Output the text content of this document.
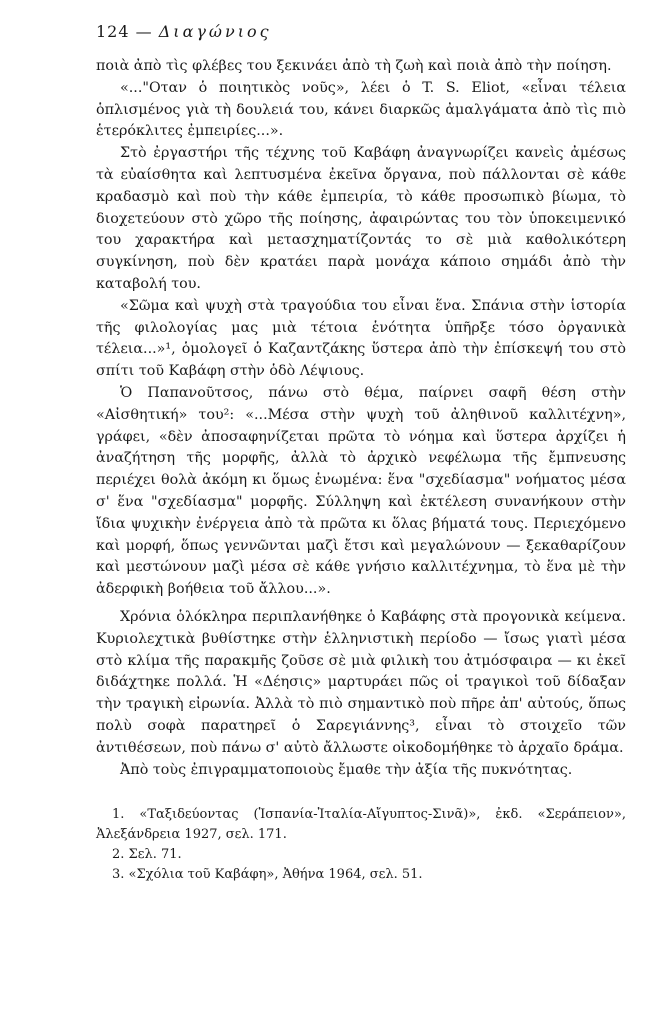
124 — Διαγώνιος

ποιὰ ἀπὸ τὶς φλέβες του ξεκινάει ἀπὸ τὴ ζωὴ καὶ ποιὰ ἀπὸ τὴν ποίηση.

«..."Οταν ὁ ποιητικὸς νοῦς», λέει ὁ T. S. Eliot, «εἶναι τέλεια ὁπλισμένος γιὰ τὴ δουλειά του, κάνει διαρκῶς ἀμαλγάματα ἀπὸ τὶς πιὸ ἑτερόκλιτες ἐμπειρίες...».

Στὸ ἐργαστήρι τῆς τέχνης τοῦ Καβάφη ἀναγνωρίζει κανεὶς ἀμέσως τὰ εὐαίσθητα καὶ λεπτυσμένα ἐκεῖνα ὄργανα, ποὺ πάλλονται σὲ κάθε κραδασμὸ καὶ ποὺ τὴν κάθε ἐμπειρία, τὸ κάθε προσωπικὸ βίωμα, τὸ διοχετεύουν στὸ χῶρο τῆς ποίησης, ἀφαιρώντας του τὸν ὑποκειμενικό του χαρακτήρα καὶ μετασχηματίζοντάς το σὲ μιὰ καθολικότερη συγκίνηση, ποὺ δὲν κρατάει παρὰ μονάχα κάποιο σημάδι ἀπὸ τὴν καταβολή του.

«Σῶμα καὶ ψυχὴ στὰ τραγούδια του εἶναι ἕνα. Σπάνια στὴν ἱστορία τῆς φιλολογίας μας μιὰ τέτοια ἑνότητα ὑπῆρξε τόσο ὀργανικὰ τέλεια...»¹, ὁμολογεῖ ὁ Καζαντζάκης ὕστερα ἀπὸ τὴν ἐπίσκεψή του στὸ σπίτι τοῦ Καβάφη στὴν ὁδὸ Λέψιους.

Ὁ Παπανοῦτσος, πάνω στὸ θέμα, παίρνει σαφῆ θέση στὴν «Αἰσθητική» του²: «...Μέσα στὴν ψυχὴ τοῦ ἀληθινοῦ καλλιτέχνη», γράφει, «δὲν ἀποσαφηνίζεται πρῶτα τὸ νόημα καὶ ὕστερα ἀρχίζει ἡ ἀναζήτηση τῆς μορφῆς, ἀλλὰ τὸ ἀρχικὸ νεφέλωμα τῆς ἔμπνευσης περιέχει θολὰ ἀκόμη κι ὅμως ἑνωμένα: ἕνα "σχεδίασμα" νοήματος μέσα σ' ἕνα "σχεδίασμα" μορφῆς. Σύλληψη καὶ ἐκτέλεση συνανήκουν στὴν ἴδια ψυχικὴν ἐνέργεια ἀπὸ τὰ πρῶτα κι ὅλας βήματά τους. Περιεχόμενο καὶ μορφή, ὅπως γεννῶνται μαζὶ ἔτσι καὶ μεγαλώνουν — ξεκαθαρίζουν καὶ μεστώνουν μαζὶ μέσα σὲ κάθε γνήσιο καλλιτέχνημα, τὸ ἕνα μὲ τὴν ἀδερφικὴ βοήθεια τοῦ ἄλλου...».

Χρόνια ὁλόκληρα περιπλανήθηκε ὁ Καβάφης στὰ προγονικὰ κείμενα. Κυριολεχτικὰ βυθίστηκε στὴν ἑλληνιστικὴ περίοδο — ἴσως γιατὶ μέσα στὸ κλίμα τῆς παρακμῆς ζοῦσε σὲ μιὰ φιλικὴ του ἀτμόσφαιρα — κι ἐκεῖ διδάχτηκε πολλά. Ἡ «Δέησις» μαρτυράει πῶς οἱ τραγικοὶ τοῦ δίδαξαν τὴν τραγικὴ εἰρωνία. Ἀλλὰ τὸ πιὸ σημαντικὸ ποὺ πῆρε ἀπ' αὐτούς, ὅπως πολὺ σοφὰ παρατηρεῖ ὁ Σαρεγιάννης³, εἶναι τὸ στοιχεῖο τῶν ἀντιθέσεων, ποὺ πάνω σ' αὐτὸ ἄλλωστε οἰκοδομήθηκε τὸ ἀρχαῖο δράμα.

Ἀπὸ τοὺς ἐπιγραμματοποιοὺς ἔμαθε τὴν ἀξία τῆς πυκνότητας.

1. «Ταξιδεύοντας (Ἱσπανία-Ἰταλία-Αἴγυπτος-Σινᾶ)», ἐκδ. «Σεράπειον», Ἀλεξάνδρεια 1927, σελ. 171.

2. Σελ. 71.

3. «Σχόλια τοῦ Καβάφη», Ἀθήνα 1964, σελ. 51.
